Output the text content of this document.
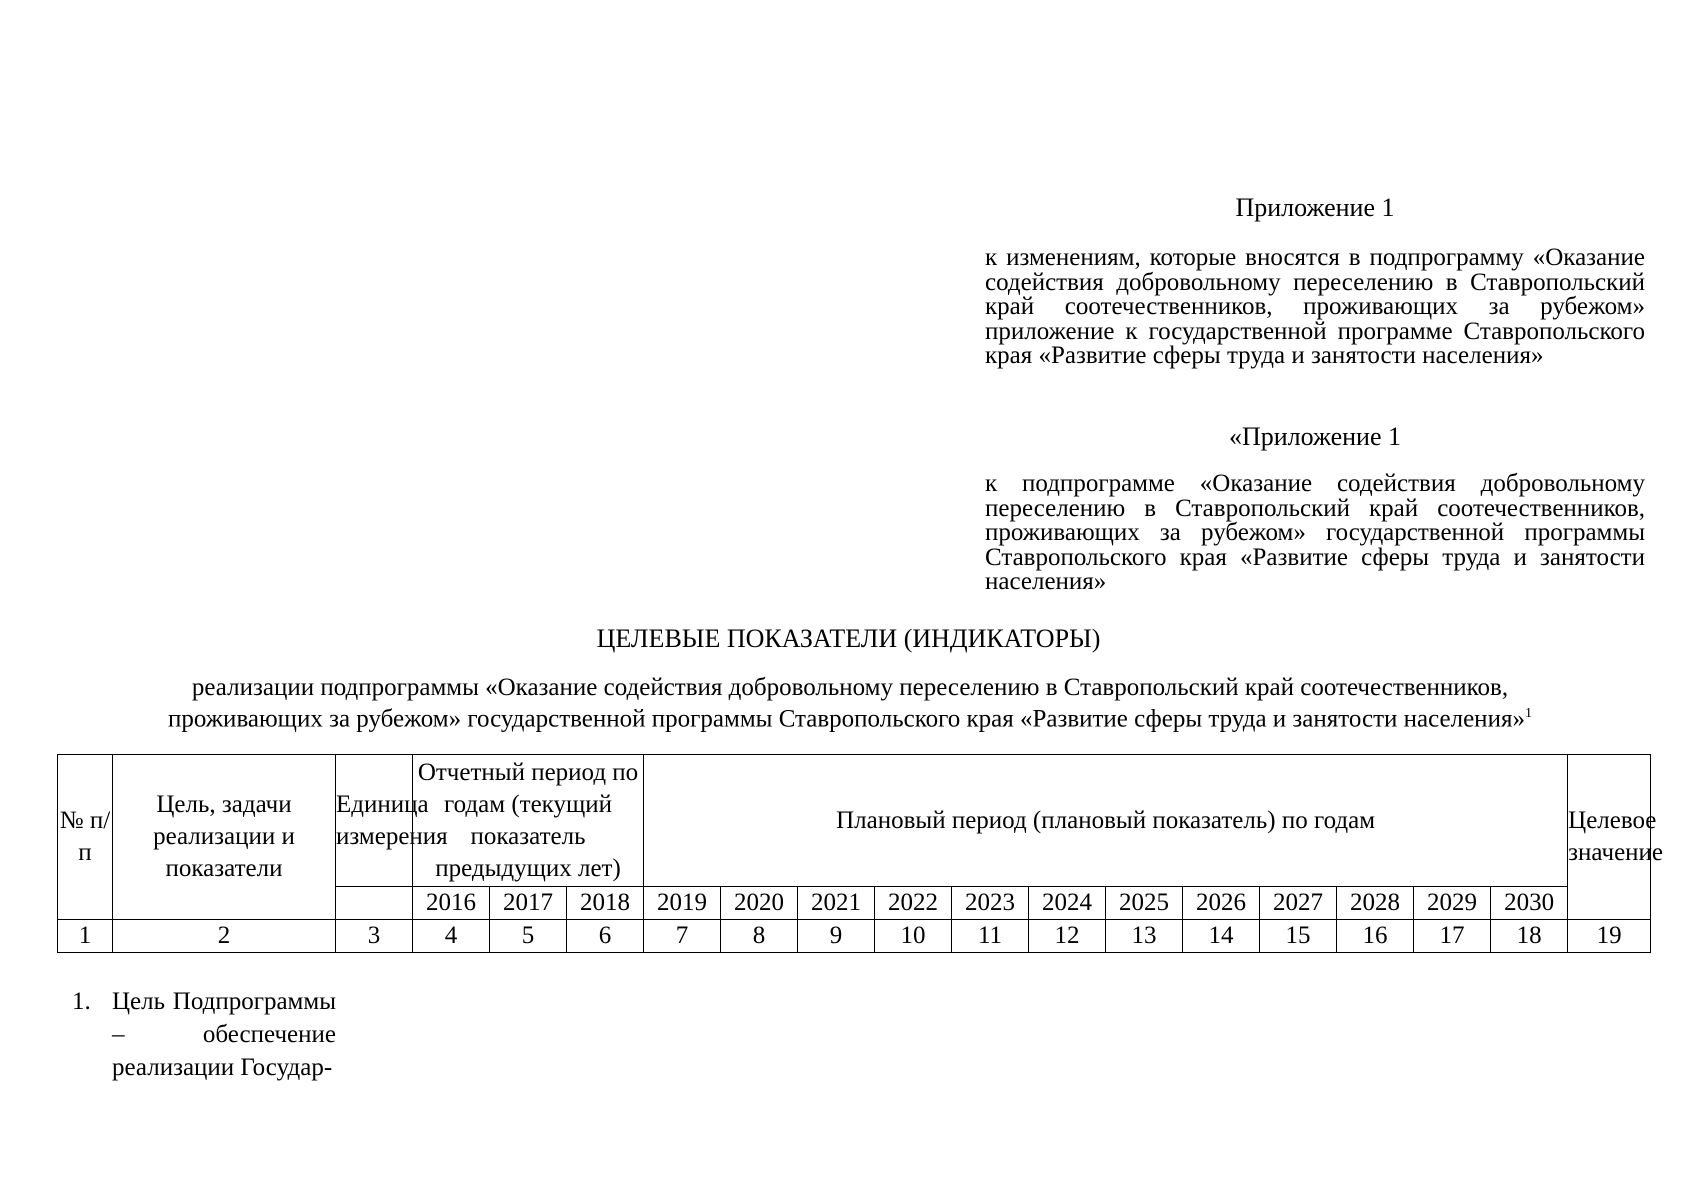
Приложение 1
к изменениям, которые вносятся в подпрограмму «Оказание содействия добровольному переселению в Ставропольский край соотечественников, проживающих за рубежом» приложение к государственной программе Ставропольского края «Развитие сферы труда и занятости населения»
«Приложение 1
к подпрограмме «Оказание содействия добровольному переселению в Ставропольский край соотечественников, проживающих за рубежом» государственной программы Ставропольского края «Развитие сферы труда и занятости населения»
ЦЕЛЕВЫЕ ПОКАЗАТЕЛИ (ИНДИКАТОРЫ)
реализации подпрограммы «Оказание содействия добровольному переселению в Ставропольский край соотечественников,
проживающих за рубежом» государственной программы Ставропольского края «Развитие сферы труда и занятости населения»$^1$
№ п/п	Цель, задачи реализации и показатели	Единица измерения	Отчетный период по годам (текущий показатель предыдущих лет)			Плановый период (плановый показатель) по годам												Целевое значение
			2016	2017	2018	2019	2020	2021	2022	2023	2024	2025	2026	2027	2028	2029	2030	
1	2	3	4	5	6	7	8	9	10	11	12	13	14	15	16	17	18	19
1. Цель Подпрограммы – обеспечение реализации Государ-
